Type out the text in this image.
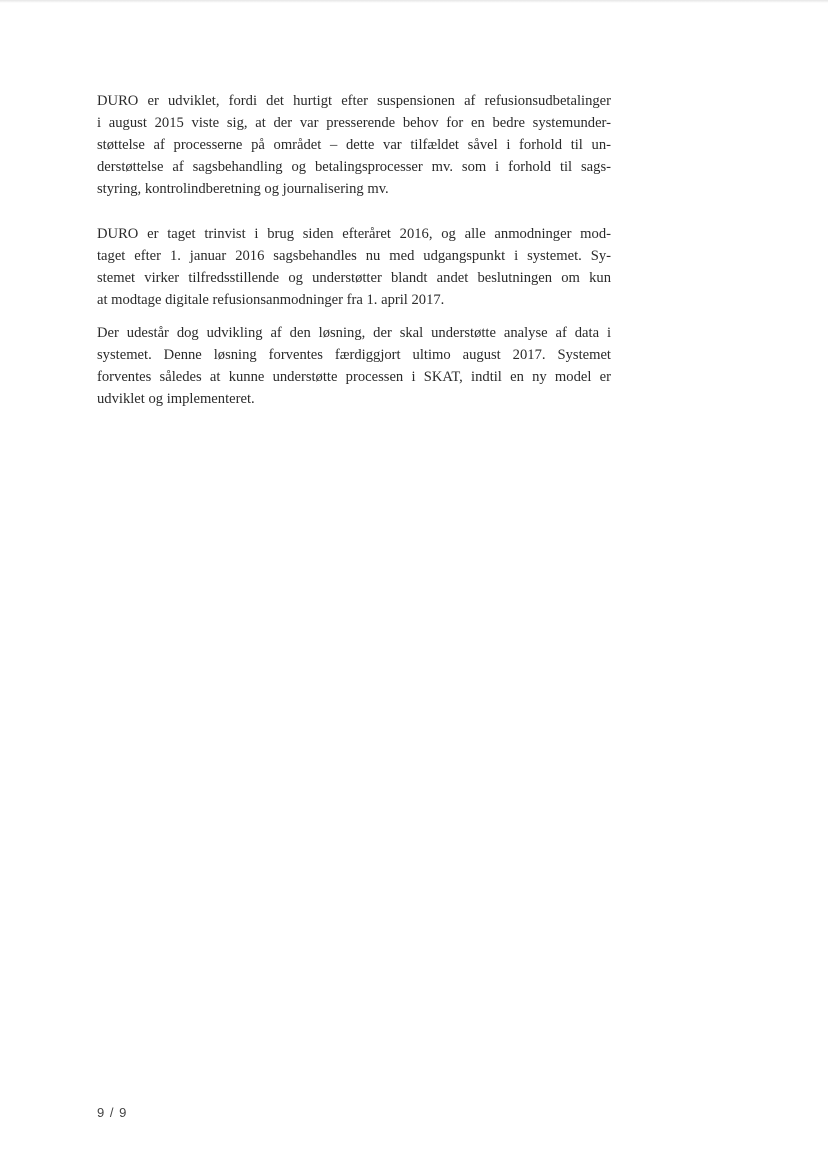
DURO er udviklet, fordi det hurtigt efter suspensionen af refusionsudbetalinger
i august 2015 viste sig, at der var presserende behov for en bedre systemunder-
støttelse af processerne på området – dette var tilfældet såvel i forhold til un-
derstøttelse af sagsbehandling og betalingsprocesser mv. som i forhold til sags-
styring, kontrolindberetning og journalisering mv.

DURO er taget trinvist i brug siden efteråret 2016, og alle anmodninger mod-
taget efter 1. januar 2016 sagsbehandles nu med udgangspunkt i systemet. Sy-
stemet virker tilfredsstillende og understøtter blandt andet beslutningen om kun
at modtage digitale refusionsanmodninger fra 1. april 2017.

Der udestår dog udvikling af den løsning, der skal understøtte analyse af data i
systemet. Denne løsning forventes færdiggjort ultimo august 2017. Systemet
forventes således at kunne understøtte processen i SKAT, indtil en ny model er
udviklet og implementeret.

9 / 9
